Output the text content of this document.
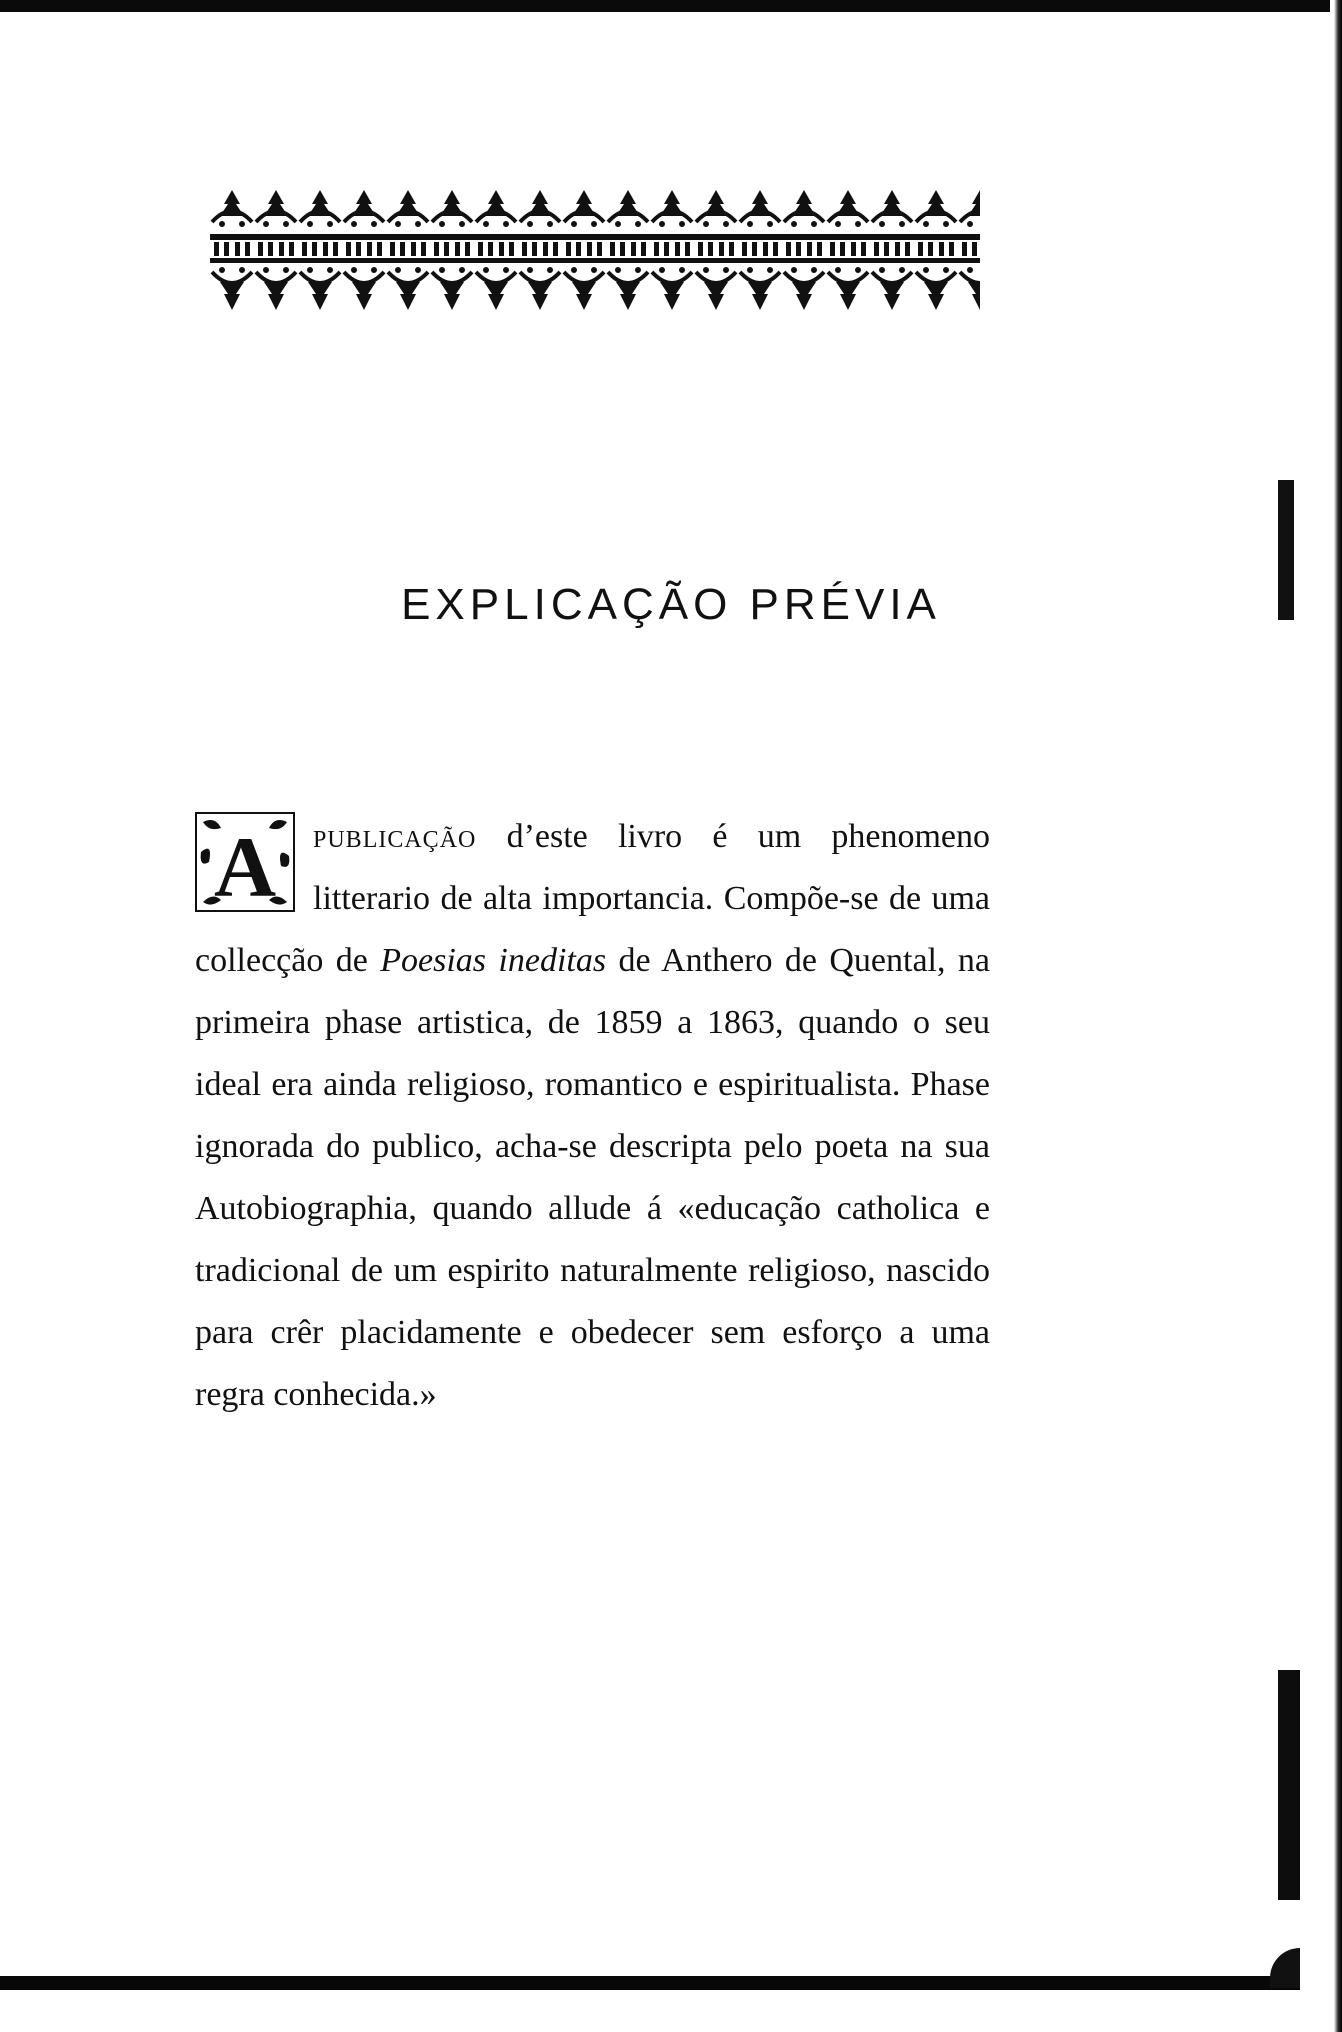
EXPLICAÇÃO PRÉVIA
A publicação d’este livro é um phenomeno litterario de alta importancia. Compõe-se de uma collecção de Poesias ineditas de Anthero de Quental, na primeira phase artistica, de 1859 a 1863, quando o seu ideal era ainda religioso, romantico e espiritualista. Phase ignorada do publico, acha-se descripta pelo poeta na sua Autobiographia, quando allude á «educação catholica e tradicional de um espirito naturalmente religioso, nascido para crêr placidamente e obedecer sem esforço a uma regra conhecida.»
